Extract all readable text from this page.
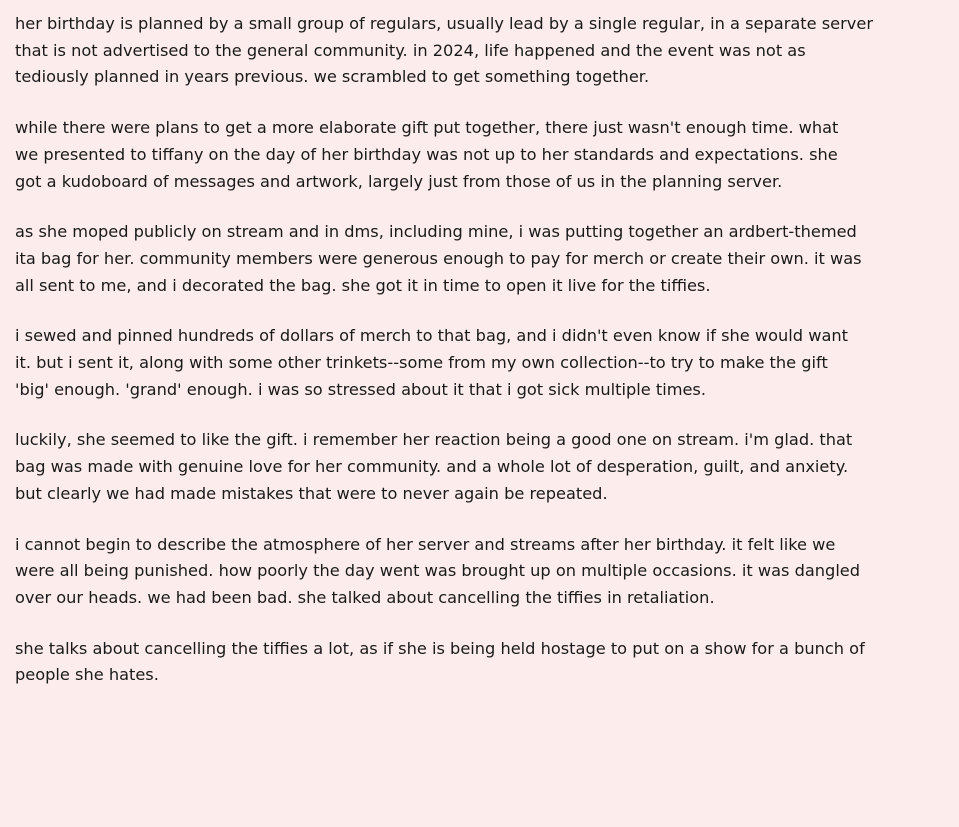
her birthday is planned by a small group of regulars, usually lead by a single regular, in a separate server
that is not advertised to the general community. in 2024, life happened and the event was not as
tediously planned in years previous. we scrambled to get something together.

while there were plans to get a more elaborate gift put together, there just wasn't enough time. what
we presented to tiffany on the day of her birthday was not up to her standards and expectations. she
got a kudoboard of messages and artwork, largely just from those of us in the planning server.

as she moped publicly on stream and in dms, including mine, i was putting together an ardbert-themed
ita bag for her. community members were generous enough to pay for merch or create their own. it was
all sent to me, and i decorated the bag. she got it in time to open it live for the tiffies.

i sewed and pinned hundreds of dollars of merch to that bag, and i didn't even know if she would want
it. but i sent it, along with some other trinkets--some from my own collection--to try to make the gift
'big' enough. 'grand' enough. i was so stressed about it that i got sick multiple times.

luckily, she seemed to like the gift. i remember her reaction being a good one on stream. i'm glad. that
bag was made with genuine love for her community. and a whole lot of desperation, guilt, and anxiety.
but clearly we had made mistakes that were to never again be repeated.

i cannot begin to describe the atmosphere of her server and streams after her birthday. it felt like we
were all being punished. how poorly the day went was brought up on multiple occasions. it was dangled
over our heads. we had been bad. she talked about cancelling the tiffies in retaliation.

she talks about cancelling the tiffies a lot, as if she is being held hostage to put on a show for a bunch of
people she hates.
